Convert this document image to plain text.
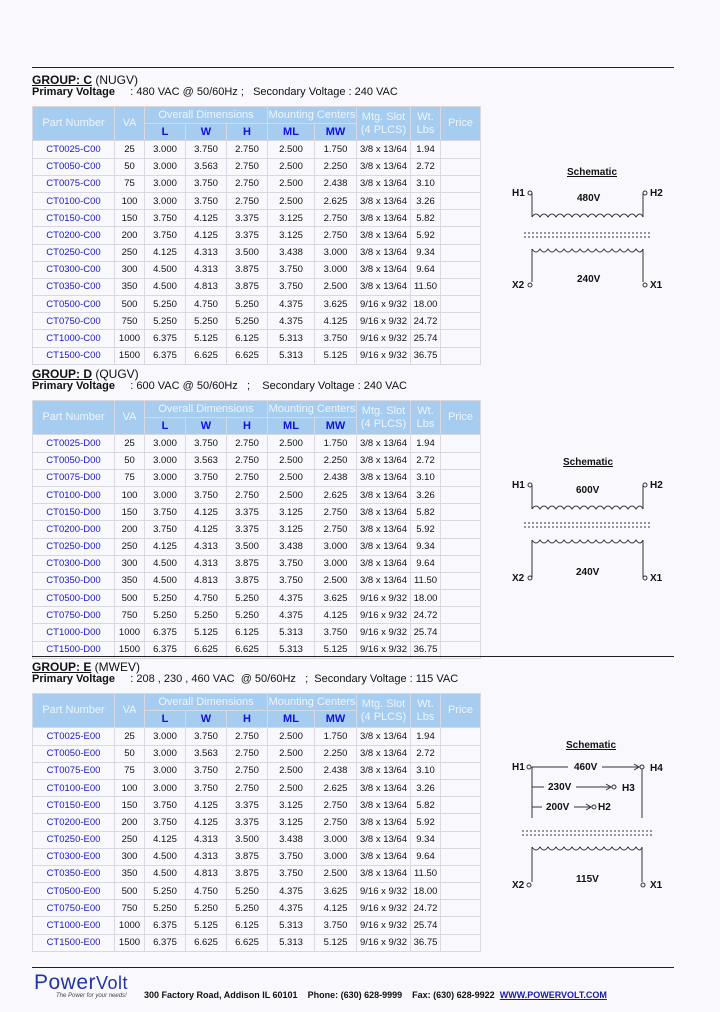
GROUP: C (NUGV)
Primary Voltage     : 480 VAC @ 50/60Hz ;   Secondary Voltage : 240 VAC
Part Number	VA	Overall Dimensions			Mounting Centers		Mtg. Slot (4 PLCS)	Wt. Lbs	Price
		L	W	H	ML	MW			
CT0025-C00	25	3.000	3.750	2.750	2.500	1.750	3/8 x 13/64	1.94	
CT0050-C00	50	3.000	3.563	2.750	2.500	2.250	3/8 x 13/64	2.72	
CT0075-C00	75	3.000	3.750	2.750	2.500	2.438	3/8 x 13/64	3.10	
CT0100-C00	100	3.000	3.750	2.750	2.500	2.625	3/8 x 13/64	3.26	
CT0150-C00	150	3.750	4.125	3.375	3.125	2.750	3/8 x 13/64	5.82	
CT0200-C00	200	3.750	4.125	3.375	3.125	2.750	3/8 x 13/64	5.92	
CT0250-C00	250	4.125	4.313	3.500	3.438	3.000	3/8 x 13/64	9.34	
CT0300-C00	300	4.500	4.313	3.875	3.750	3.000	3/8 x 13/64	9.64	
CT0350-C00	350	4.500	4.813	3.875	3.750	2.500	3/8 x 13/64	11.50	
CT0500-C00	500	5.250	4.750	5.250	4.375	3.625	9/16 x 9/32	18.00	
CT0750-C00	750	5.250	5.250	5.250	4.375	4.125	9/16 x 9/32	24.72	
CT1000-C00	1000	6.375	5.125	6.125	5.313	3.750	9/16 x 9/32	25.74	
CT1500-C00	1500	6.375	6.625	6.625	5.313	5.125	9/16 x 9/32	36.75	
GROUP: D (QUGV)
Primary Voltage     : 600 VAC @ 50/60Hz   ;    Secondary Voltage : 240 VAC
Part Number	VA	Overall Dimensions			Mounting Centers		Mtg. Slot (4 PLCS)	Wt. Lbs	Price
		L	W	H	ML	MW			
CT0025-D00	25	3.000	3.750	2.750	2.500	1.750	3/8 x 13/64	1.94	
CT0050-D00	50	3.000	3.563	2.750	2.500	2.250	3/8 x 13/64	2.72	
CT0075-D00	75	3.000	3.750	2.750	2.500	2.438	3/8 x 13/64	3.10	
CT0100-D00	100	3.000	3.750	2.750	2.500	2.625	3/8 x 13/64	3.26	
CT0150-D00	150	3.750	4.125	3.375	3.125	2.750	3/8 x 13/64	5.82	
CT0200-D00	200	3.750	4.125	3.375	3.125	2.750	3/8 x 13/64	5.92	
CT0250-D00	250	4.125	4.313	3.500	3.438	3.000	3/8 x 13/64	9.34	
CT0300-D00	300	4.500	4.313	3.875	3.750	3.000	3/8 x 13/64	9.64	
CT0350-D00	350	4.500	4.813	3.875	3.750	2.500	3/8 x 13/64	11.50	
CT0500-D00	500	5.250	4.750	5.250	4.375	3.625	9/16 x 9/32	18.00	
CT0750-D00	750	5.250	5.250	5.250	4.375	4.125	9/16 x 9/32	24.72	
CT1000-D00	1000	6.375	5.125	6.125	5.313	3.750	9/16 x 9/32	25.74	
CT1500-D00	1500	6.375	6.625	6.625	5.313	5.125	9/16 x 9/32	36.75	
GROUP: E (MWEV)
Primary Voltage     : 208 , 230 , 460 VAC  @ 50/60Hz   ;  Secondary Voltage : 115 VAC
Part Number	VA	Overall Dimensions			Mounting Centers		Mtg. Slot (4 PLCS)	Wt. Lbs	Price
		L	W	H	ML	MW			
CT0025-E00	25	3.000	3.750	2.750	2.500	1.750	3/8 x 13/64	1.94	
CT0050-E00	50	3.000	3.563	2.750	2.500	2.250	3/8 x 13/64	2.72	
CT0075-E00	75	3.000	3.750	2.750	2.500	2.438	3/8 x 13/64	3.10	
CT0100-E00	100	3.000	3.750	2.750	2.500	2.625	3/8 x 13/64	3.26	
CT0150-E00	150	3.750	4.125	3.375	3.125	2.750	3/8 x 13/64	5.82	
CT0200-E00	200	3.750	4.125	3.375	3.125	2.750	3/8 x 13/64	5.92	
CT0250-E00	250	4.125	4.313	3.500	3.438	3.000	3/8 x 13/64	9.34	
CT0300-E00	300	4.500	4.313	3.875	3.750	3.000	3/8 x 13/64	9.64	
CT0350-E00	350	4.500	4.813	3.875	3.750	2.500	3/8 x 13/64	11.50	
CT0500-E00	500	5.250	4.750	5.250	4.375	3.625	9/16 x 9/32	18.00	
CT0750-E00	750	5.250	5.250	5.250	4.375	4.125	9/16 x 9/32	24.72	
CT1000-E00	1000	6.375	5.125	6.125	5.313	3.750	9/16 x 9/32	25.74	
CT1500-E00	1500	6.375	6.625	6.625	5.313	5.125	9/16 x 9/32	36.75	
Schematic
H1	H2
480V
240V
X2	X1
Schematic
H1	H2
600V
240V
X2	X1
Schematic
H1	460V	H4
230V	H3
200V	H2
115V
X2	X1
PowerVolt
The Power for your needs! 300 Factory Road, Addison IL 60101 Phone: (630) 628-9999 Fax: (630) 628-9922 WWW.POWERVOLT.COM
